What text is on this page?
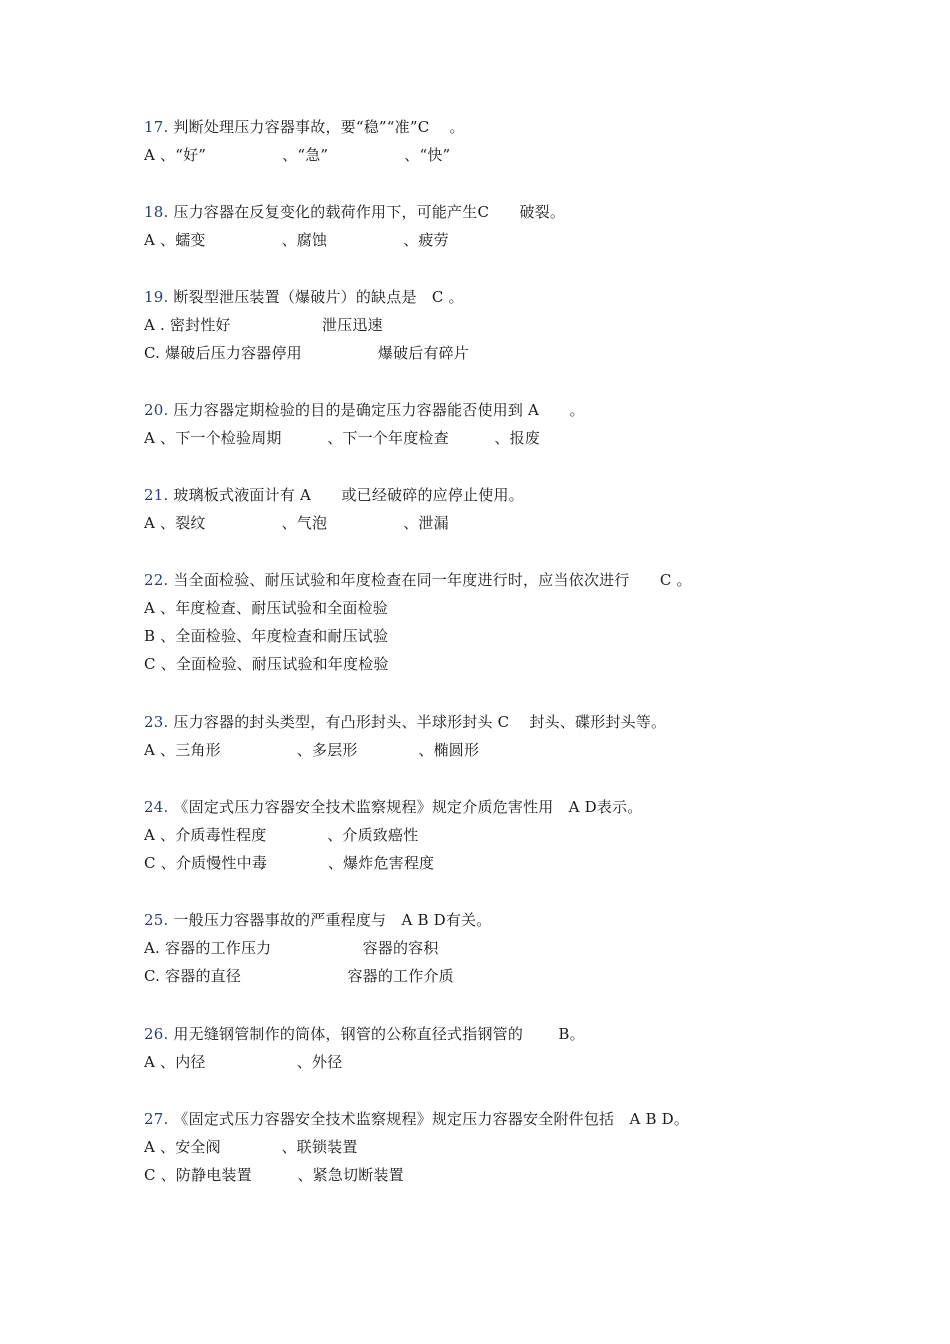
17. 判断处理压力容器事故，要“稳”“准”C　 。
A 、“好”　　　　　、“急”　　　　　、“快”
18. 压力容器在反复变化的载荷作用下，可能产生C　　破裂。
A 、蠕变　　　　　、腐蚀　　　　　、疲劳
19. 断裂型泄压装置（爆破片）的缺点是　C 。
A . 密封性好　　　　　　泄压迅速
C. 爆破后压力容器停用　　　　　爆破后有碎片
20. 压力容器定期检验的目的是确定压力容器能否使用到 A　　。
A 、下一个检验周期　　　、下一个年度检查　　　、报废
21. 玻璃板式液面计有 A　　或已经破碎的应停止使用。
A 、裂纹　　　　　、气泡　　　　　、泄漏
22. 当全面检验、耐压试验和年度检查在同一年度进行时，应当依次进行　　C 。
A 、年度检查、耐压试验和全面检验
B 、全面检验、年度检查和耐压试验
C 、全面检验、耐压试验和年度检验
23. 压力容器的封头类型，有凸形封头、半球形封头 C　 封头、碟形封头等。
A 、三角形　　　　　、多层形　　　　、椭圆形
24. 《固定式压力容器安全技术监察规程》规定介质危害性用　A D表示。
A 、介质毒性程度　　　　、介质致癌性
C 、介质慢性中毒　　　　、爆炸危害程度
25. 一般压力容器事故的严重程度与　A B D有关。
A. 容器的工作压力　　　　　　容器的容积
C. 容器的直径　　　　　　　容器的工作介质
26. 用无缝钢管制作的筒体，钢管的公称直径式指钢管的　　 B。
A 、内径　　　　　　、外径
27. 《固定式压力容器安全技术监察规程》规定压力容器安全附件包括　A B D。
A 、安全阀　　　　、联锁装置
C 、防静电装置　　　、紧急切断装置
